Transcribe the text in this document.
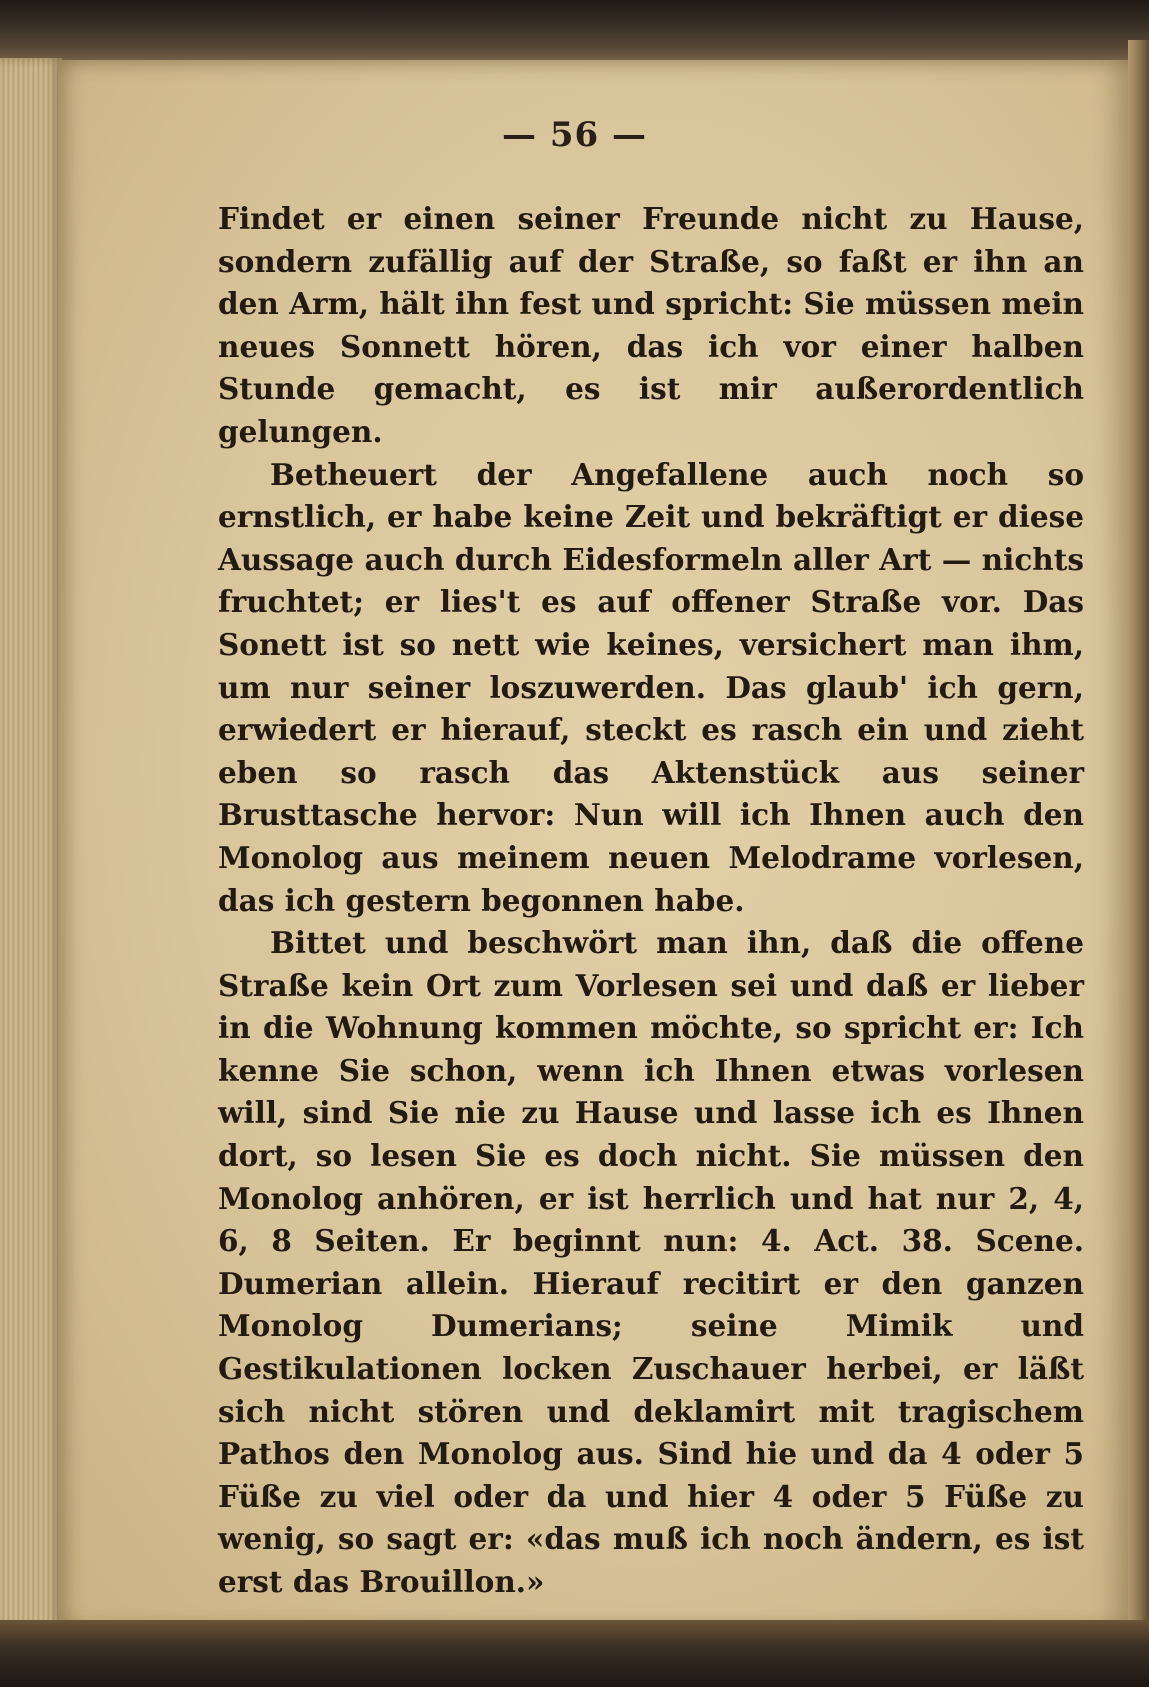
— 56 —

Findet er einen seiner Freunde nicht zu Hause, sondern zufällig auf der Straße, so faßt er ihn an den Arm, hält ihn fest und spricht: Sie müssen mein neues Sonnett hören, das ich vor einer halben Stunde gemacht, es ist mir außerordentlich gelungen.

Betheuert der Angefallene auch noch so ernstlich, er habe keine Zeit und bekräftigt er diese Aussage auch durch Eidesformeln aller Art — nichts fruchtet; er lies't es auf offener Straße vor. Das Sonett ist so nett wie keines, versichert man ihm, um nur seiner loszuwerden. Das glaub' ich gern, erwiedert er hierauf, steckt es rasch ein und zieht eben so rasch das Aktenstück aus seiner Brusttasche hervor: Nun will ich Ihnen auch den Monolog aus meinem neuen Melodrame vorlesen, das ich gestern begonnen habe.

Bittet und beschwört man ihn, daß die offene Straße kein Ort zum Vorlesen sei und daß er lieber in die Wohnung kommen möchte, so spricht er: Ich kenne Sie schon, wenn ich Ihnen etwas vorlesen will, sind Sie nie zu Hause und lasse ich es Ihnen dort, so lesen Sie es doch nicht. Sie müssen den Monolog anhören, er ist herrlich und hat nur 2, 4, 6, 8 Seiten. Er beginnt nun: 4. Act. 38. Scene. Dumerian allein. Hierauf recitirt er den ganzen Monolog Dumerians; seine Mimik und Gestikulationen locken Zuschauer herbei, er läßt sich nicht stören und deklamirt mit tragischem Pathos den Monolog aus. Sind hie und da 4 oder 5 Füße zu viel oder da und hier 4 oder 5 Füße zu wenig, so sagt er: «das muß ich noch ändern, es ist erst das Brouillon.»
